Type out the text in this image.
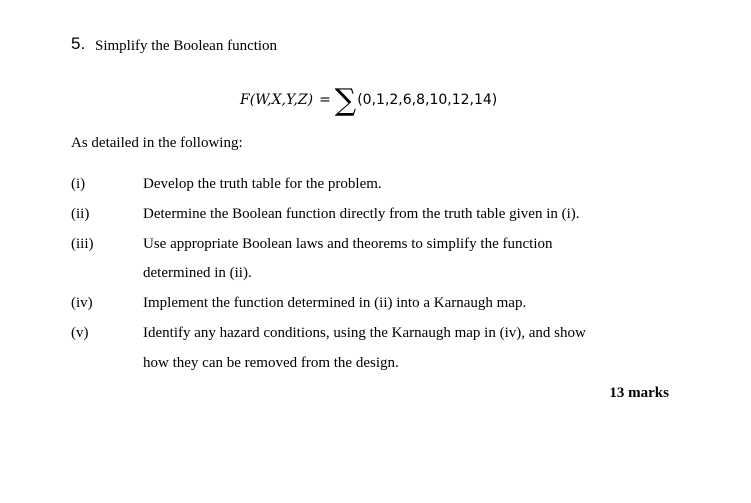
5. Simplify the Boolean function
F(W,X,Y,Z) = ∑ (0,1,2,6,8,10,12,14)
As detailed in the following:
(i)	Develop the truth table for the problem.
(ii)	Determine the Boolean function directly from the truth table given in (i).
(iii)	Use appropriate Boolean laws and theorems to simplify the function
determined in (ii).
(iv)	Implement the function determined in (ii) into a Karnaugh map.
(v)	Identify any hazard conditions, using the Karnaugh map in (iv), and show
how they can be removed from the design.
13 marks
